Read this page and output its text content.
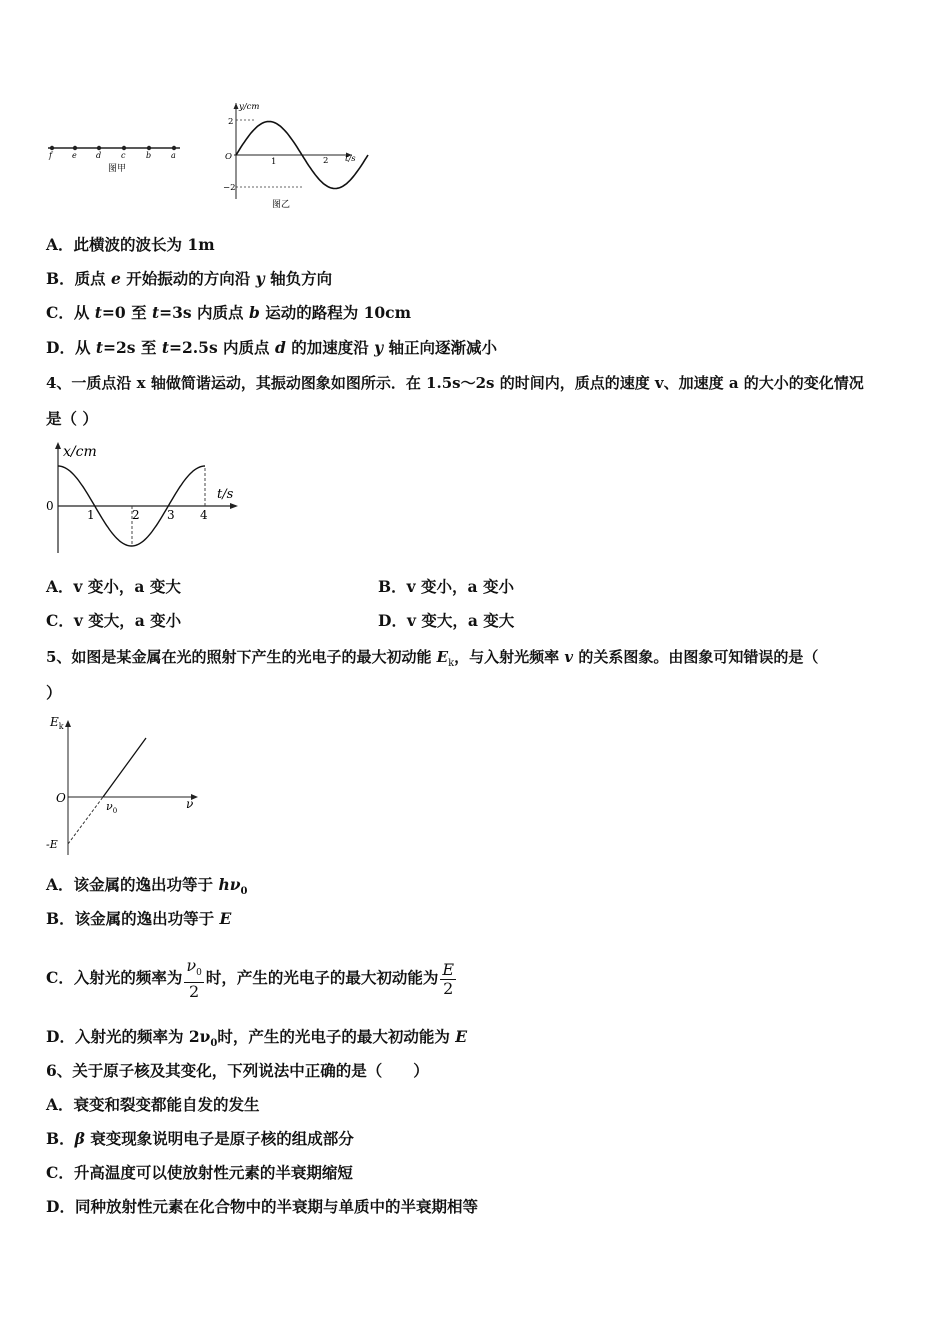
f	e d c	b a
图甲
y/cm
t/s
O
2
−2
1	2
图乙
A．此横波的波长为 1m
B．质点 e 开始振动的方向沿 y 轴负方向
C．从 t=0 至 t=3s 内质点 b 运动的路程为 10cm
D．从 t=2s 至 t=2.5s 内质点 d 的加速度沿 y 轴正向逐渐减小
4、一质点沿 x 轴做简谐运动，其振动图象如图所示．在 1.5s～2s 的时间内，质点的速度 v、加速度 a 的大小的变化情况
是（ ）
x/cm
t/s
0
1	2 3 4
A．v 变小，a 变大	B．v 变小，a 变小
C．v 变大，a 变小	D．v 变大，a 变大
5、如图是某金属在光的照射下产生的光电子的最大初动能 $E_k$，与入射光频率 v 的关系图象。由图象可知错误的是（
）
$E_k$
ν
O
$\nu_0$
-E
A．该金属的逸出功等于 $h\nu_0$
B．该金属的逸出功等于 E
C．入射光的频率为 $\frac{\nu_0}{2}$ 时，产生的光电子的最大初动能为 $\frac{E}{2}$
D．入射光的频率为 $2\nu_0$时，产生的光电子的最大初动能为 E
6、关于原子核及其变化，下列说法中正确的是（　　）
A．衰变和裂变都能自发的发生
B．β 衰变现象说明电子是原子核的组成部分
C．升高温度可以使放射性元素的半衰期缩短
D．同种放射性元素在化合物中的半衰期与单质中的半衰期相等
